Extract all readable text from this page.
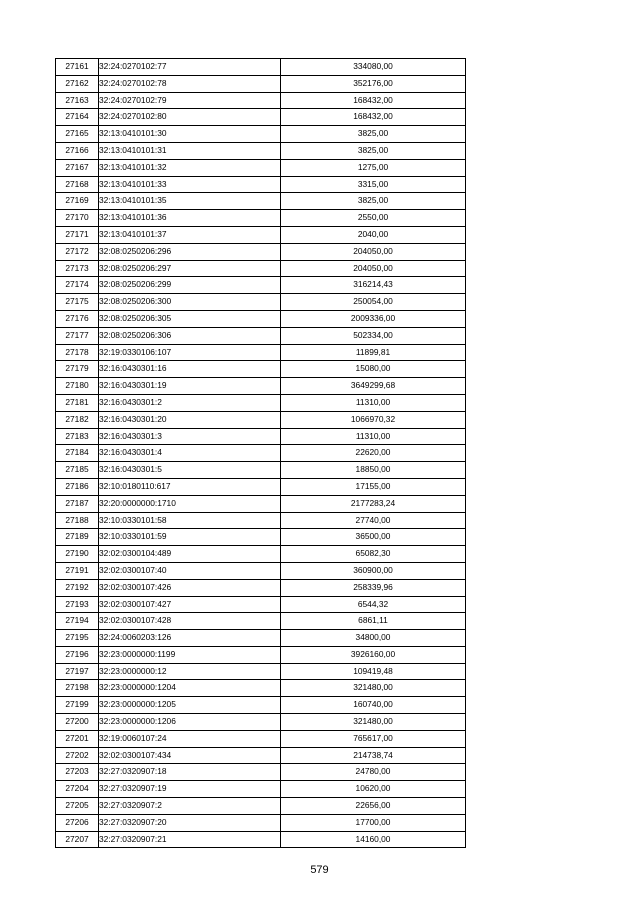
27161	32:24:0270102:77	334080,00
27162	32:24:0270102:78	352176,00
27163	32:24:0270102:79	168432,00
27164	32:24:0270102:80	168432,00
27165	32:13:0410101:30	3825,00
27166	32:13:0410101:31	3825,00
27167	32:13:0410101:32	1275,00
27168	32:13:0410101:33	3315,00
27169	32:13:0410101:35	3825,00
27170	32:13:0410101:36	2550,00
27171	32:13:0410101:37	2040,00
27172	32:08:0250206:296	204050,00
27173	32:08:0250206:297	204050,00
27174	32:08:0250206:299	316214,43
27175	32:08:0250206:300	250054,00
27176	32:08:0250206:305	2009336,00
27177	32:08:0250206:306	502334,00
27178	32:19:0330106:107	11899,81
27179	32:16:0430301:16	15080,00
27180	32:16:0430301:19	3649299,68
27181	32:16:0430301:2	11310,00
27182	32:16:0430301:20	1066970,32
27183	32:16:0430301:3	11310,00
27184	32:16:0430301:4	22620,00
27185	32:16:0430301:5	18850,00
27186	32:10:0180110:617	17155,00
27187	32:20:0000000:1710	2177283,24
27188	32:10:0330101:58	27740,00
27189	32:10:0330101:59	36500,00
27190	32:02:0300104:489	65082,30
27191	32:02:0300107:40	360900,00
27192	32:02:0300107:426	258339,96
27193	32:02:0300107:427	6544,32
27194	32:02:0300107:428	6861,11
27195	32:24:0060203:126	34800,00
27196	32:23:0000000:1199	3926160,00
27197	32:23:0000000:12	109419,48
27198	32:23:0000000:1204	321480,00
27199	32:23:0000000:1205	160740,00
27200	32:23:0000000:1206	321480,00
27201	32:19:0060107:24	765617,00
27202	32:02:0300107:434	214738,74
27203	32:27:0320907:18	24780,00
27204	32:27:0320907:19	10620,00
27205	32:27:0320907:2	22656,00
27206	32:27:0320907:20	17700,00
27207	32:27:0320907:21	14160,00
579
